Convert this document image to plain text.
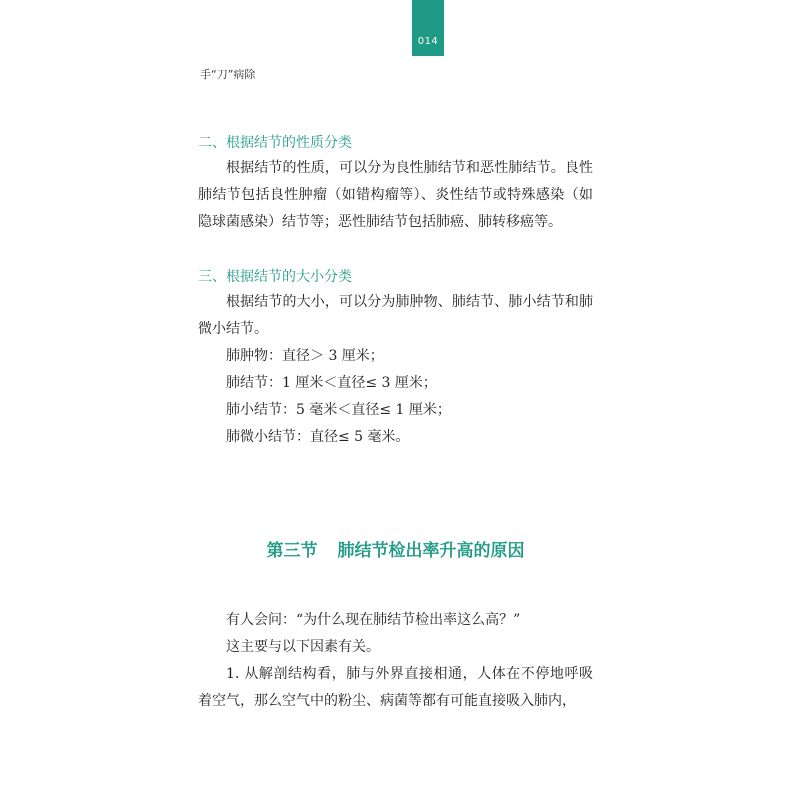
014
手“刀”病除
二、根据结节的性质分类
根据结节的性质，可以分为良性肺结节和恶性肺结节。良性肺结节包括良性肿瘤（如错构瘤等）、炎性结节或特殊感染（如隐球菌感染）结节等；恶性肺结节包括肺癌、肺转移癌等。
三、根据结节的大小分类
根据结节的大小，可以分为肺肿物、肺结节、肺小结节和肺微小结节。
肺肿物：直径＞ 3 厘米；
肺结节：1 厘米＜直径≤ 3 厘米；
肺小结节：5 毫米＜直径≤ 1 厘米；
肺微小结节：直径≤ 5 毫米。
第三节 肺结节检出率升高的原因
有人会问：“为什么现在肺结节检出率这么高？”
这主要与以下因素有关。
1. 从解剖结构看，肺与外界直接相通，人体在不停地呼吸着空气，那么空气中的粉尘、病菌等都有可能直接吸入肺内，
